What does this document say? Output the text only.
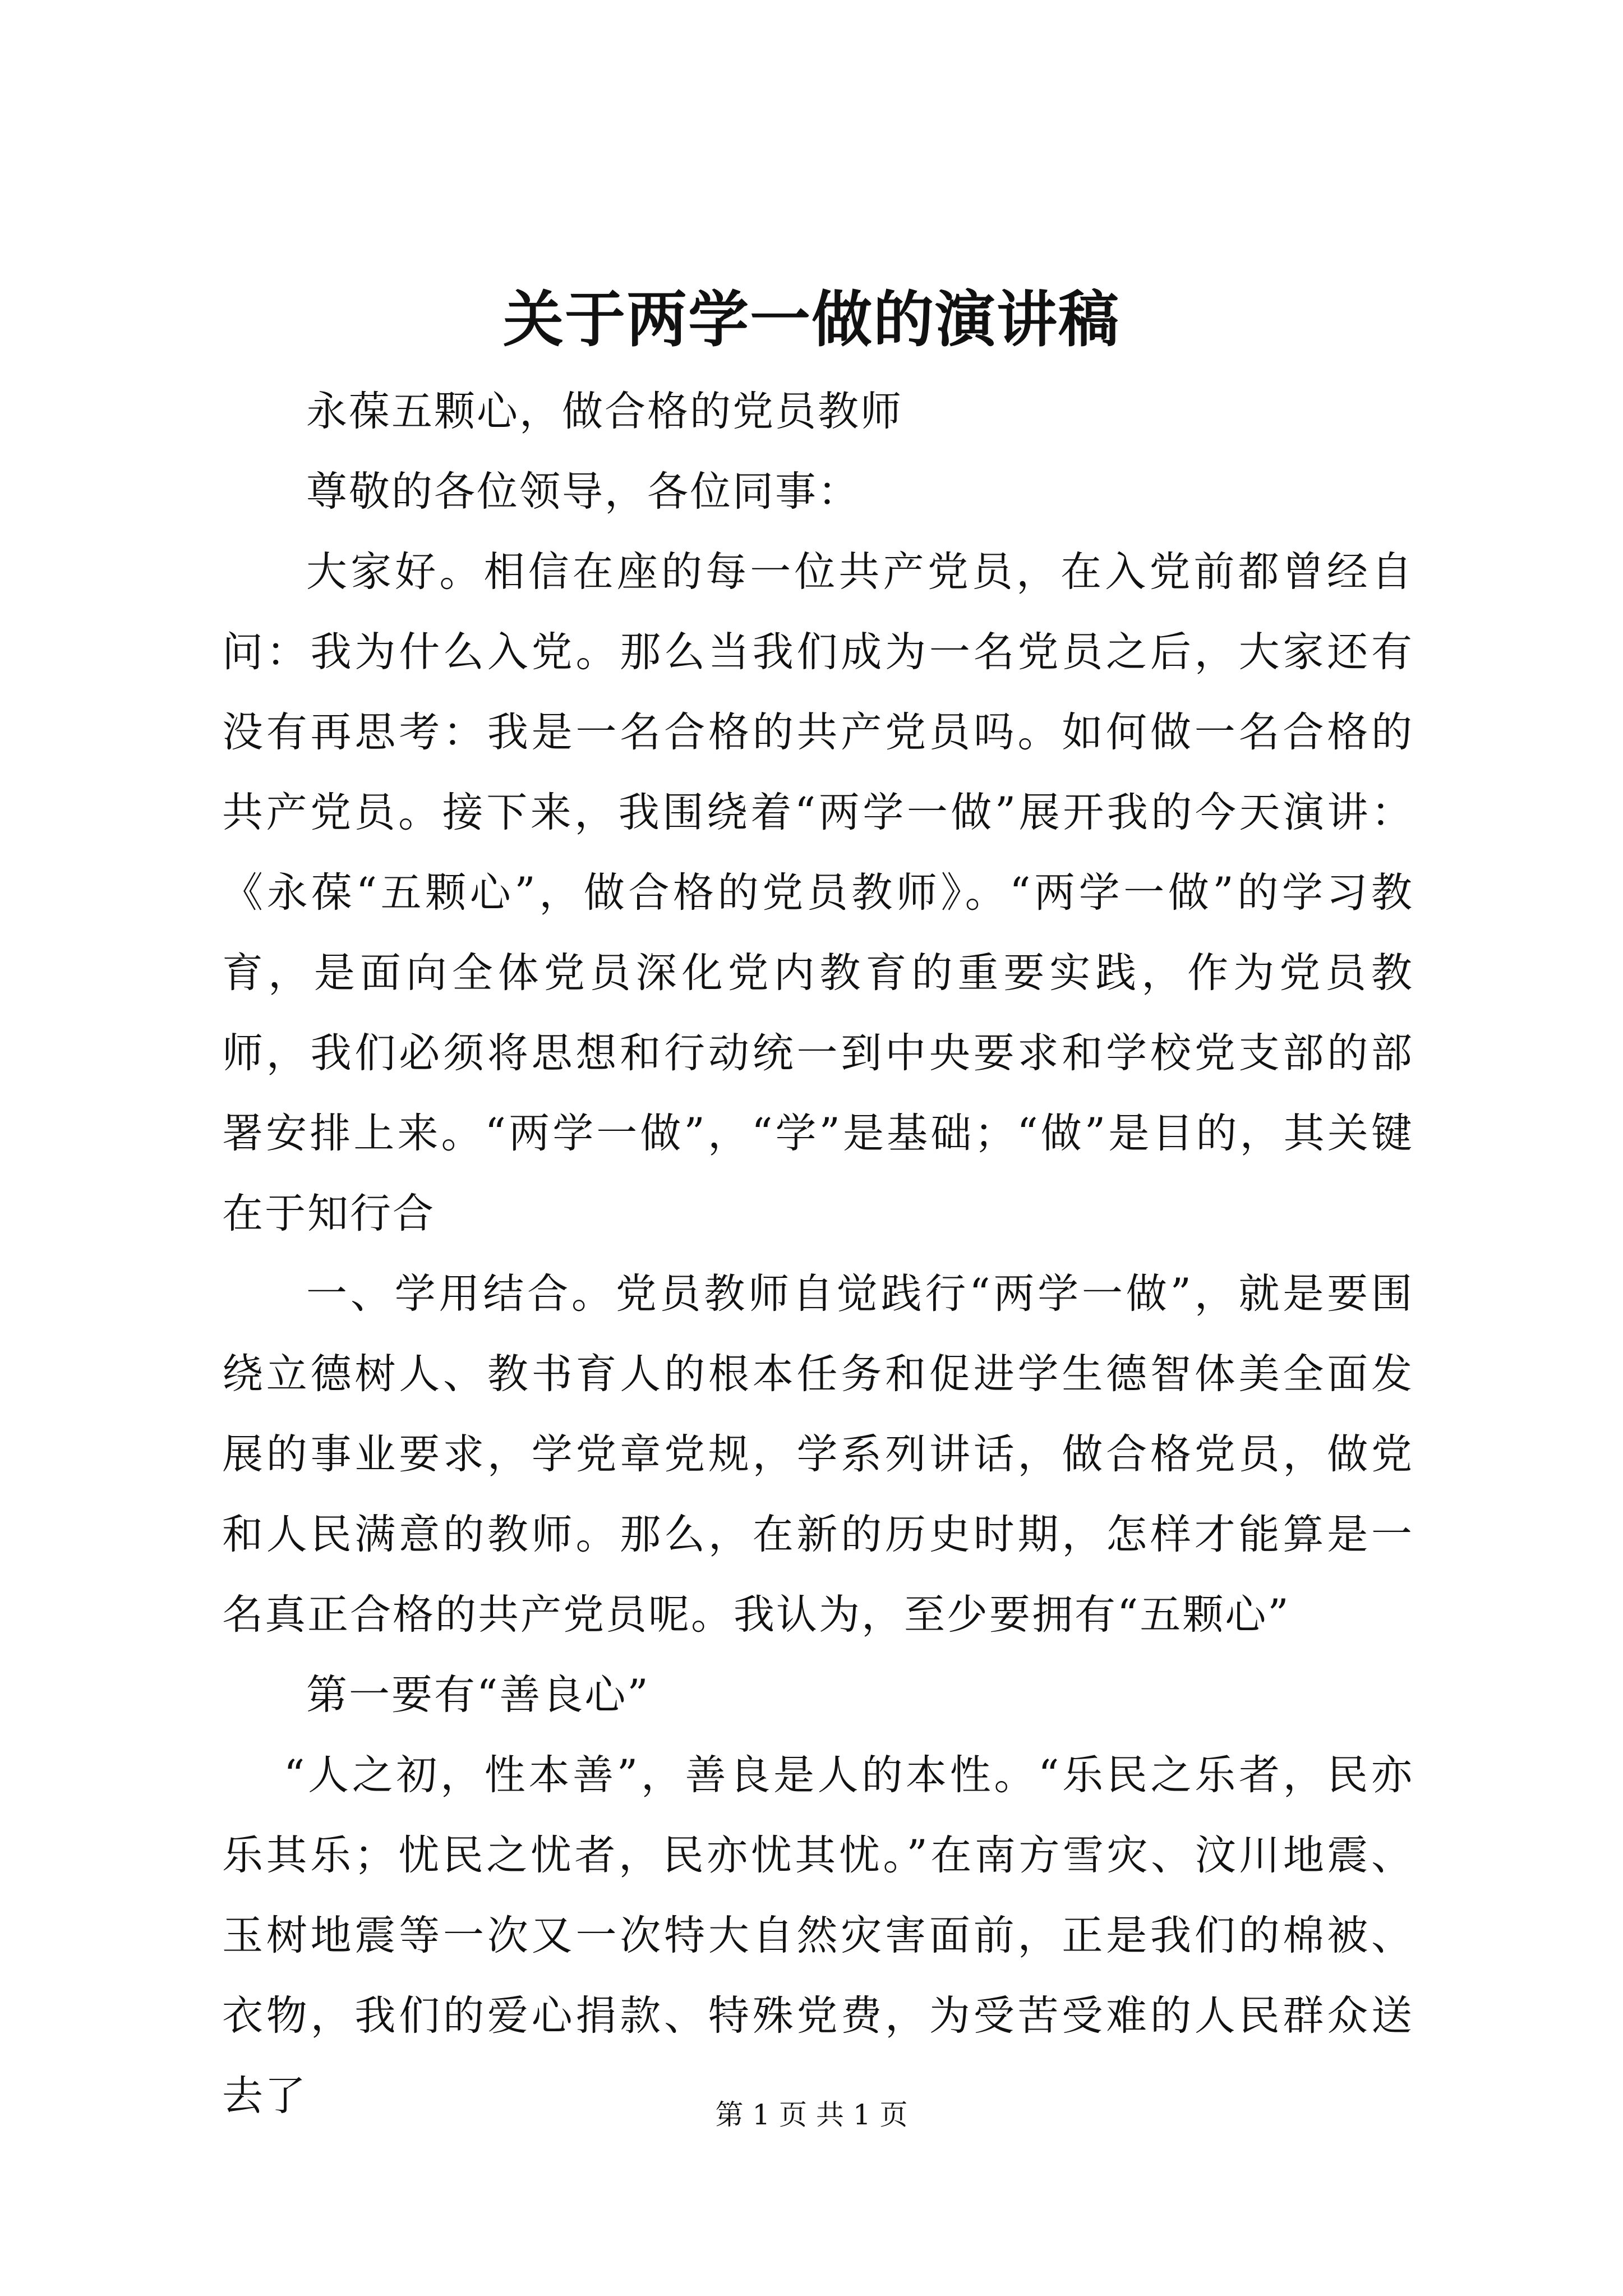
关于两学一做的演讲稿

永葆五颗心，做合格的党员教师

尊敬的各位领导，各位同事：

大家好。相信在座的每一位共产党员，在入党前都曾经自问：我为什么入党。那么当我们成为一名党员之后，大家还有没有再思考：我是一名合格的共产党员吗。如何做一名合格的共产党员。接下来，我围绕着“两学一做”展开我的今天演讲：《永葆“五颗心”，做合格的党员教师》。“两学一做”的学习教育，是面向全体党员深化党内教育的重要实践，作为党员教师，我们必须将思想和行动统一到中央要求和学校党支部的部署安排上来。“两学一做”，“学”是基础；“做”是目的，其关键在于知行合

一、学用结合。党员教师自觉践行“两学一做”，就是要围绕立德树人、教书育人的根本任务和促进学生德智体美全面发展的事业要求，学党章党规，学系列讲话，做合格党员，做党和人民满意的教师。那么，在新的历史时期，怎样才能算是一名真正合格的共产党员呢。我认为，至少要拥有“五颗心”

第一要有“善良心”

“人之初，性本善”，善良是人的本性。“乐民之乐者，民亦乐其乐；忧民之忧者，民亦忧其忧。”在南方雪灾、汶川地震、玉树地震等一次又一次特大自然灾害面前，正是我们的棉被、衣物，我们的爱心捐款、特殊党费，为受苦受难的人民群众送去了	第 1 页 共 1 页
